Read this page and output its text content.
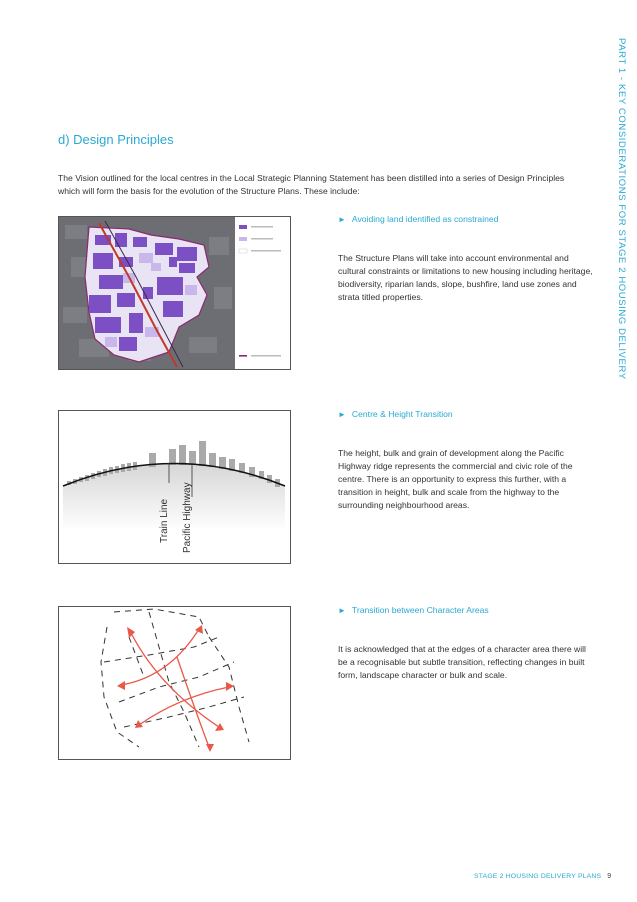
PART 1 - KEY CONSIDERATIONS FOR STAGE 2 HOUSING DELIVERY
d) Design Principles
The Vision outlined for the local centres in the Local Strategic Planning Statement has been distilled into a series of Design Principles which will form the basis for the evolution of the Structure Plans. These include:
► Avoiding land identified as constrained
The Structure Plans will take into account environmental and cultural constraints or limitations to new housing including heritage, biodiversity, riparian lands, slope, bushfire, land use zones and strata titled properties.
Train Line Pacific Highway
► Centre & Height Transition
The height, bulk and grain of development along the Pacific Highway ridge represents the commercial and civic role of the centre. There is an opportunity to express this further, with a transition in height, bulk and scale from the highway to the surrounding neighbourhood areas.
► Transition between Character Areas
It is acknowledged that at the edges of a character area there will be a recognisable but subtle transition, reflecting changes in built form, landscape character or bulk and scale.
STAGE 2 HOUSING DELIVERY PLANS 9
